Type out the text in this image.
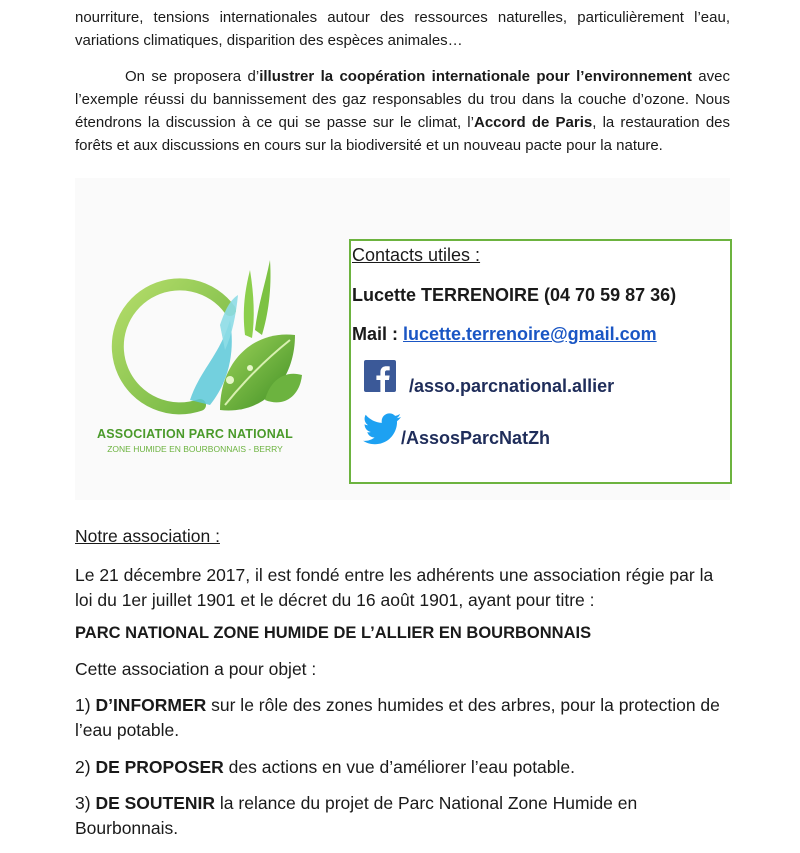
nourriture, tensions internationales autour des ressources naturelles, particulièrement l’eau, variations climatiques, disparition des espèces animales…
On se proposera d’illustrer la coopération internationale pour l’environnement avec l’exemple réussi du bannissement des gaz responsables du trou dans la couche d’ozone. Nous étendrons la discussion à ce qui se passe sur le climat, l’Accord de Paris, la restauration des forêts et aux discussions en cours sur la biodiversité et un nouveau pacte pour la nature.
ASSOCIATION PARC NATIONAL
ZONE HUMIDE EN BOURBONNAIS - BERRY
Contacts utiles :
Lucette TERRENOIRE (04 70 59 87 36)
Mail : lucette.terrenoire@gmail.com
/asso.parcnational.allier
/AssosParcNatZh
Notre association :
Le 21 décembre 2017, il est fondé entre les adhérents une association régie par la loi du 1er juillet 1901 et le décret du 16 août 1901, ayant pour titre :
PARC NATIONAL ZONE HUMIDE DE L’ALLIER EN BOURBONNAIS
Cette association a pour objet :
1) D’INFORMER sur le rôle des zones humides et des arbres, pour la protection de l’eau potable.
2) DE PROPOSER des actions en vue d’améliorer l’eau potable.
3) DE SOUTENIR la relance du projet de Parc National Zone Humide en Bourbonnais.
